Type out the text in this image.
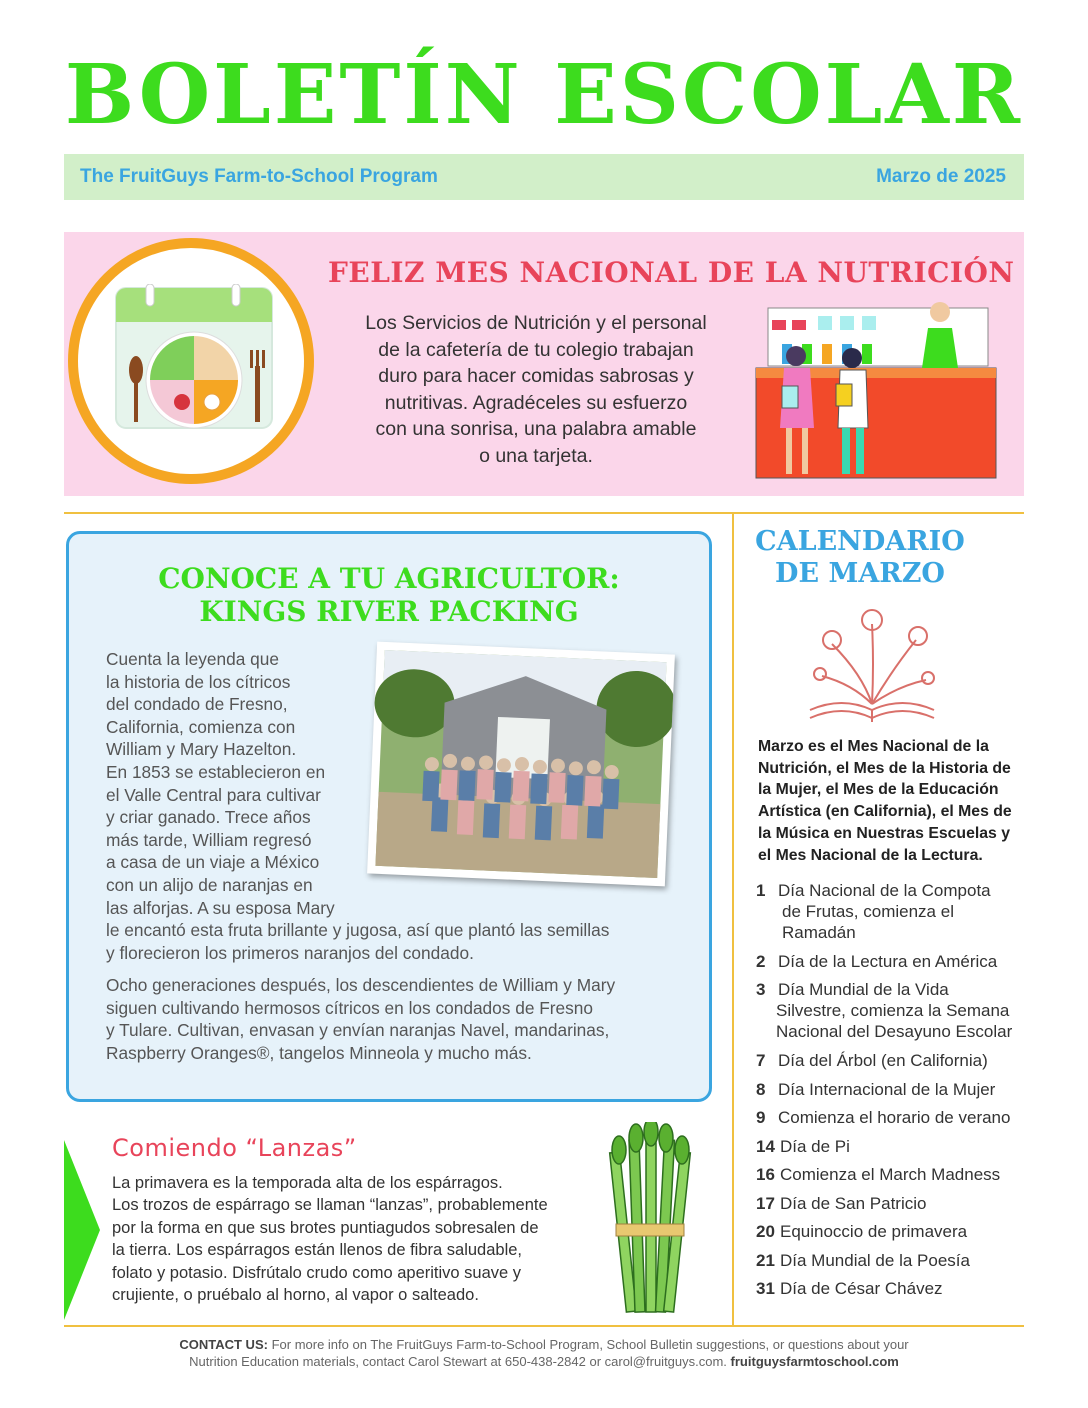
BOLETÍN ESCOLAR
The FruitGuys Farm-to-School Program	Marzo de 2025
FELIZ MES NACIONAL DE LA NUTRICIÓN
Los Servicios de Nutrición y el personal
de la cafetería de tu colegio trabajan
duro para hacer comidas sabrosas y
nutritivas. Agradéceles su esfuerzo
con una sonrisa, una palabra amable
o una tarjeta.
CONOCE A TU AGRICULTOR:
KINGS RIVER PACKING
Cuenta la leyenda que
la historia de los cítricos
del condado de Fresno,
California, comienza con
William y Mary Hazelton.
En 1853 se establecieron en
el Valle Central para cultivar
y criar ganado. Trece años
más tarde, William regresó
a casa de un viaje a México
con un alijo de naranjas en
las alforjas. A su esposa Mary
le encantó esta fruta brillante y jugosa, así que plantó las semillas
y florecieron los primeros naranjos del condado.
Ocho generaciones después, los descendientes de William y Mary
siguen cultivando hermosos cítricos en los condados de Fresno
y Tulare. Cultivan, envasan y envían naranjas Navel, mandarinas,
Raspberry Oranges®, tangelos Minneola y mucho más.
Comiendo “Lanzas”
La primavera es la temporada alta de los espárragos.
Los trozos de espárrago se llaman “lanzas”, probablemente
por la forma en que sus brotes puntiagudos sobresalen de
la tierra. Los espárragos están llenos de fibra saludable,
folato y potasio. Disfrútalo crudo como aperitivo suave y
crujiente, o pruébalo al horno, al vapor o salteado.
CALENDARIO
DE MARZO
Marzo es el Mes Nacional de la
Nutrición, el Mes de la Historia de
la Mujer, el Mes de la Educación
Artística (en California), el Mes de
la Música en Nuestras Escuelas y
el Mes Nacional de la Lectura.
1 Día Nacional de la Compota
de Frutas, comienza el
Ramadán
2 Día de la Lectura en América
3 Día Mundial de la Vida
Silvestre, comienza la Semana
Nacional del Desayuno Escolar
7 Día del Árbol (en California)
8 Día Internacional de la Mujer
9 Comienza el horario de verano
14 Día de Pi
16 Comienza el March Madness
17 Día de San Patricio
20 Equinoccio de primavera
21 Día Mundial de la Poesía
31 Día de César Chávez
CONTACT US: For more info on The FruitGuys Farm-to-School Program, School Bulletin suggestions, or questions about your
Nutrition Education materials, contact Carol Stewart at 650-438-2842 or carol@fruitguys.com. fruitguysfarmtoschool.com
